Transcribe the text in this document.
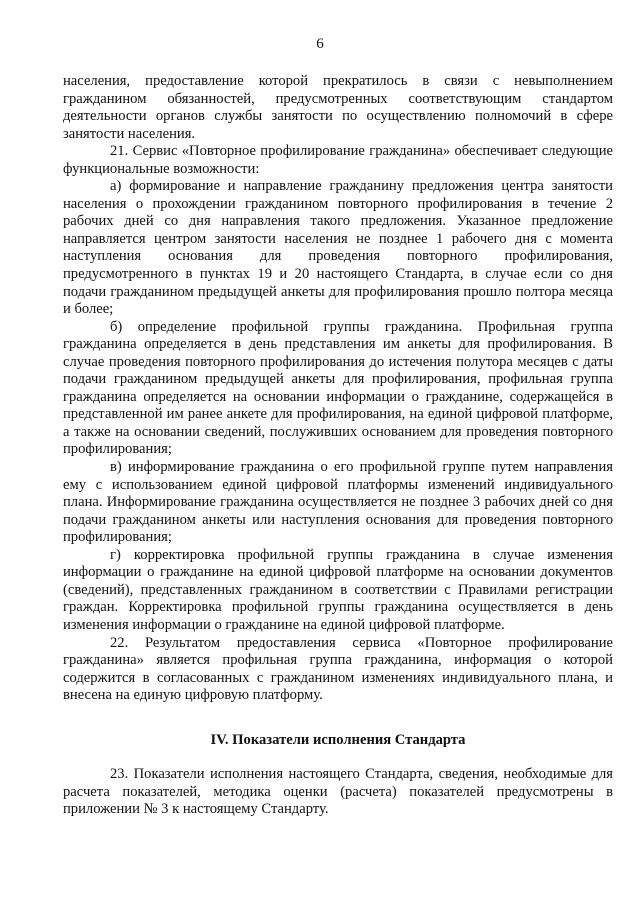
6

населения, предоставление которой прекратилось в связи с невыполнением гражданином обязанностей, предусмотренных соответствующим стандартом деятельности органов службы занятости по осуществлению полномочий в сфере занятости населения.

21. Сервис «Повторное профилирование гражданина» обеспечивает следующие функциональные возможности:

а) формирование и направление гражданину предложения центра занятости населения о прохождении гражданином повторного профилирования в течение 2 рабочих дней со дня направления такого предложения. Указанное предложение направляется центром занятости населения не позднее 1 рабочего дня с момента наступления основания для проведения повторного профилирования, предусмотренного в пунктах 19 и 20 настоящего Стандарта, в случае если со дня подачи гражданином предыдущей анкеты для профилирования прошло полтора месяца и более;

б) определение профильной группы гражданина. Профильная группа гражданина определяется в день представления им анкеты для профилирования. В случае проведения повторного профилирования до истечения полутора месяцев с даты подачи гражданином предыдущей анкеты для профилирования, профильная группа гражданина определяется на основании информации о гражданине, содержащейся в представленной им ранее анкете для профилирования, на единой цифровой платформе, а также на основании сведений, послуживших основанием для проведения повторного профилирования;

в) информирование гражданина о его профильной группе путем направления ему с использованием единой цифровой платформы изменений индивидуального плана. Информирование гражданина осуществляется не позднее 3 рабочих дней со дня подачи гражданином анкеты или наступления основания для проведения повторного профилирования;

г) корректировка профильной группы гражданина в случае изменения информации о гражданине на единой цифровой платформе на основании документов (сведений), представленных гражданином в соответствии с Правилами регистрации граждан. Корректировка профильной группы гражданина осуществляется в день изменения информации о гражданине на единой цифровой платформе.

22. Результатом предоставления сервиса «Повторное профилирование гражданина» является профильная группа гражданина, информация о которой содержится в согласованных с гражданином изменениях индивидуального плана, и внесена на единую цифровую платформу.

IV. Показатели исполнения Стандарта

23. Показатели исполнения настоящего Стандарта, сведения, необходимые для расчета показателей, методика оценки (расчета) показателей предусмотрены в приложении № 3 к настоящему Стандарту.
